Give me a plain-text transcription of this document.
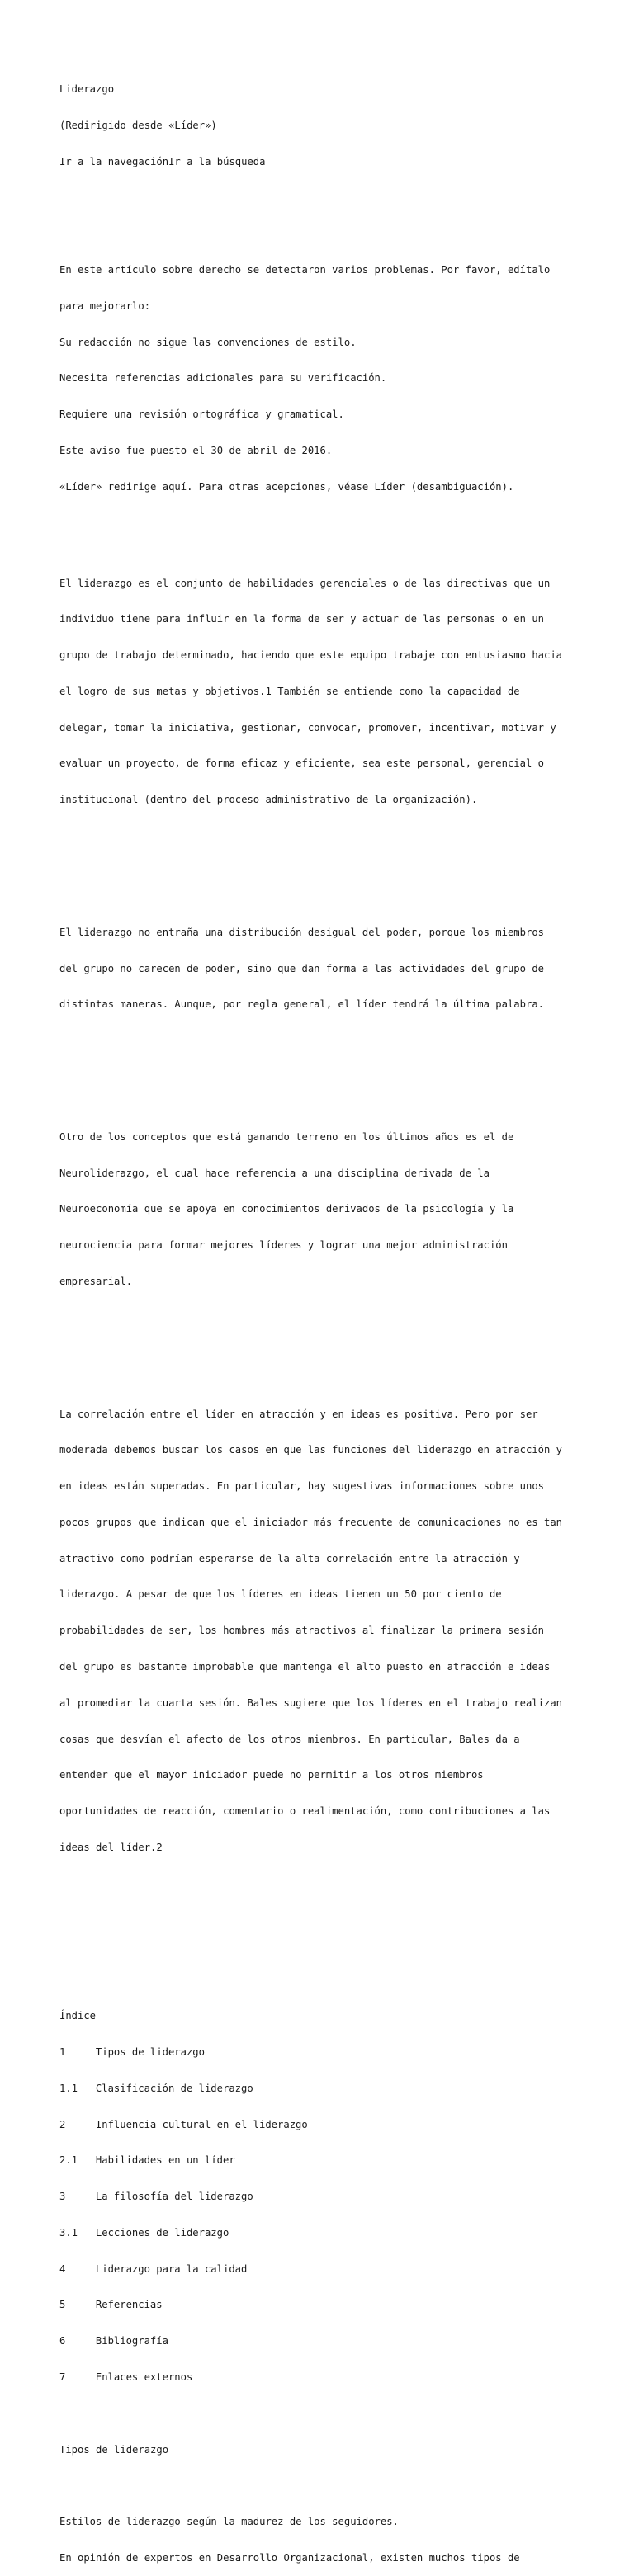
Liderazgo

(Redirigido desde «Líder»)

Ir a la navegaciónIr a la búsqueda

En este artículo sobre derecho se detectaron varios problemas. Por favor, edítalo

para mejorarlo:

Su redacción no sigue las convenciones de estilo.

Necesita referencias adicionales para su verificación.

Requiere una revisión ortográfica y gramatical.

Este aviso fue puesto el 30 de abril de 2016.

«Líder» redirige aquí. Para otras acepciones, véase Líder (desambiguación).

El liderazgo es el conjunto de habilidades gerenciales o de las directivas que un

individuo tiene para influir en la forma de ser y actuar de las personas o en un

grupo de trabajo determinado, haciendo que este equipo trabaje con entusiasmo hacia

el logro de sus metas y objetivos.1 También se entiende como la capacidad de

delegar, tomar la iniciativa, gestionar, convocar, promover, incentivar, motivar y

evaluar un proyecto, de forma eficaz y eficiente, sea este personal, gerencial o

institucional (dentro del proceso administrativo de la organización).

El liderazgo no entraña una distribución desigual del poder, porque los miembros

del grupo no carecen de poder, sino que dan forma a las actividades del grupo de

distintas maneras. Aunque, por regla general, el líder tendrá la última palabra.

Otro de los conceptos que está ganando terreno en los últimos años es el de

Neuroliderazgo, el cual hace referencia a una disciplina derivada de la

Neuroeconomía que se apoya en conocimientos derivados de la psicología y la

neurociencia para formar mejores líderes y lograr una mejor administración

empresarial.

La correlación entre el líder en atracción y en ideas es positiva. Pero por ser

moderada debemos buscar los casos en que las funciones del liderazgo en atracción y

en ideas están superadas. En particular, hay sugestivas informaciones sobre unos

pocos grupos que indican que el iniciador más frecuente de comunicaciones no es tan

atractivo como podrían esperarse de la alta correlación entre la atracción y

liderazgo. A pesar de que los líderes en ideas tienen un 50 por ciento de

probabilidades de ser, los hombres más atractivos al finalizar la primera sesión

del grupo es bastante improbable que mantenga el alto puesto en atracción e ideas

al promediar la cuarta sesión. Bales sugiere que los líderes en el trabajo realizan

cosas que desvían el afecto de los otros miembros. En particular, Bales da a

entender que el mayor iniciador puede no permitir a los otros miembros

oportunidades de reacción, comentario o realimentación, como contribuciones a las

ideas del líder.2

Índice

1	Tipos de liderazgo

1.1 Clasificación de liderazgo

2	Influencia cultural en el liderazgo

2.1 Habilidades en un líder

3	La filosofía del liderazgo

3.1 Lecciones de liderazgo

4	Liderazgo para la calidad

5	Referencias

6	Bibliografía

7	Enlaces externos

Tipos de liderazgo

Estilos de liderazgo según la madurez de los seguidores.

En opinión de expertos en Desarrollo Organizacional, existen muchos tipos de
